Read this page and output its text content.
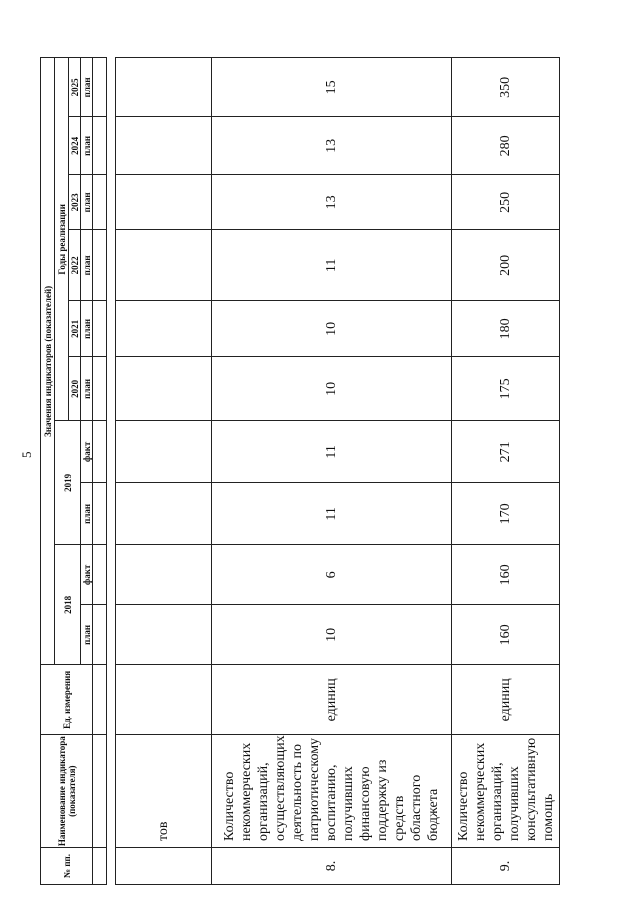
5
№ пп.	Наименование индикатора (показателя)	Ед. измерения	Значения индикаторов (показателей)									
			2018		2019		Годы реализации					
							2020	2021	2022	2023	2024	2025
			план	факт	план	факт	план	план	план	план	план	план

	тов											
8.	Количество некоммерческих организаций, осуществляющих деятельность по патриотическому воспитанию, получивших финансовую поддержку из средств областного бюджета	единиц	10	6	11	11	10	10	11	13	13	15
9.	Количество некоммерческих организаций, получивших консультативную помощь	единиц	160	160	170	271	175	180	200	250	280	350
